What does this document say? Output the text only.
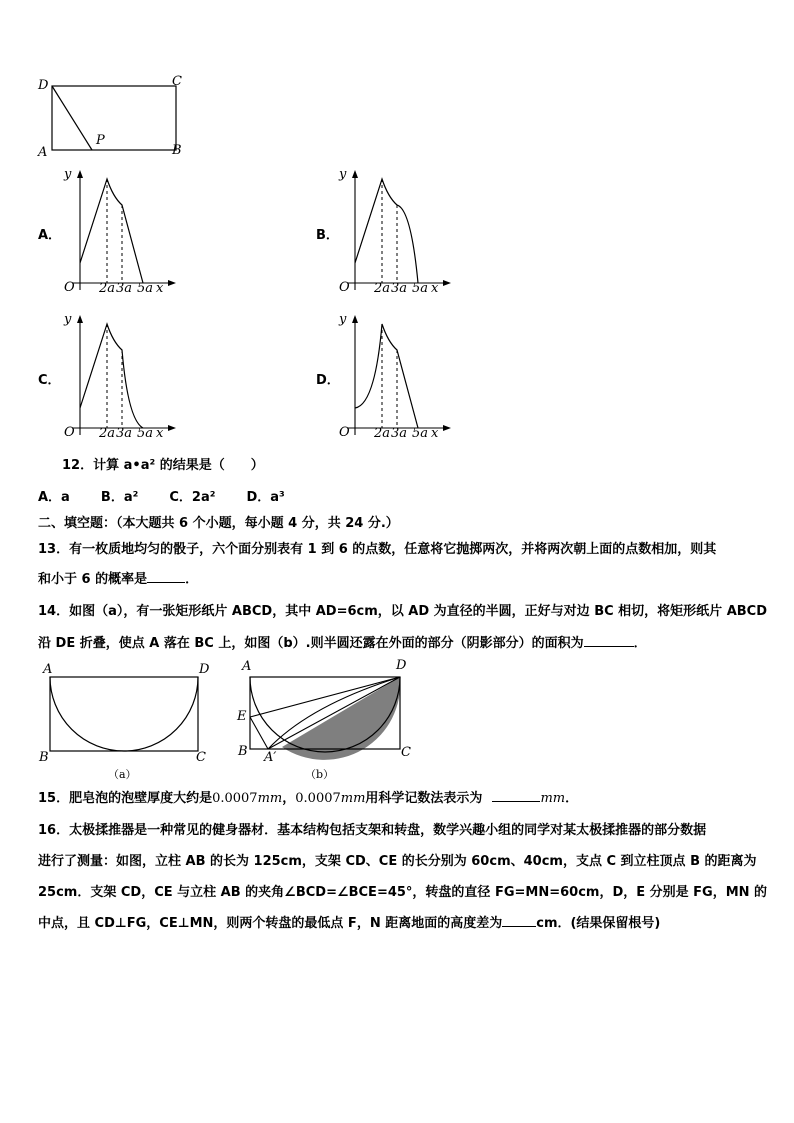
D	C
A	B
P
A．
y
O 2a 3a 5a x
B．
y
O 2a 3a 5a x
C．
y
O 2a 3a 5a x
D．
y
O 2a 3a 5a x
12．计算 a•a² 的结果是（　　）
A．a B．a² C．2a² D．a³
二、填空题：（本大题共 6 个小题，每小题 4 分，共 24 分.）
13．有一枚质地均匀的骰子，六个面分别表有 1 到 6 的点数，任意将它抛掷两次，并将两次朝上面的点数相加，则其
和小于 6 的概率是	．
14．如图（a），有一张矩形纸片 ABCD，其中 AD=6cm，以 AD 为直径的半圆，正好与对边 BC 相切，将矩形纸片 ABCD
沿 DE 折叠，使点 A 落在 BC 上，如图（b）.则半圆还露在外面的部分（阴影部分）的面积为	．
A	D
B	C
（a）
A	D
E
B A′	C
（b）
15．肥皂泡的泡壁厚度大约是0.0007mm，0.0007mm用科学记数法表示为	mm．
16．太极揉推器是一种常见的健身器材．基本结构包括支架和转盘，数学兴趣小组的同学对某太极揉推器的部分数据
进行了测量：如图，立柱 AB 的长为 125cm，支架 CD、CE 的长分别为 60cm、40cm，支点 C 到立柱顶点 B 的距离为
25cm．支架 CD，CE 与立柱 AB 的夹角∠BCD=∠BCE=45°，转盘的直径 FG=MN=60cm，D，E 分别是 FG，MN 的
中点，且 CD⊥FG，CE⊥MN，则两个转盘的最低点 F，N 距离地面的高度差为	cm．(结果保留根号)
